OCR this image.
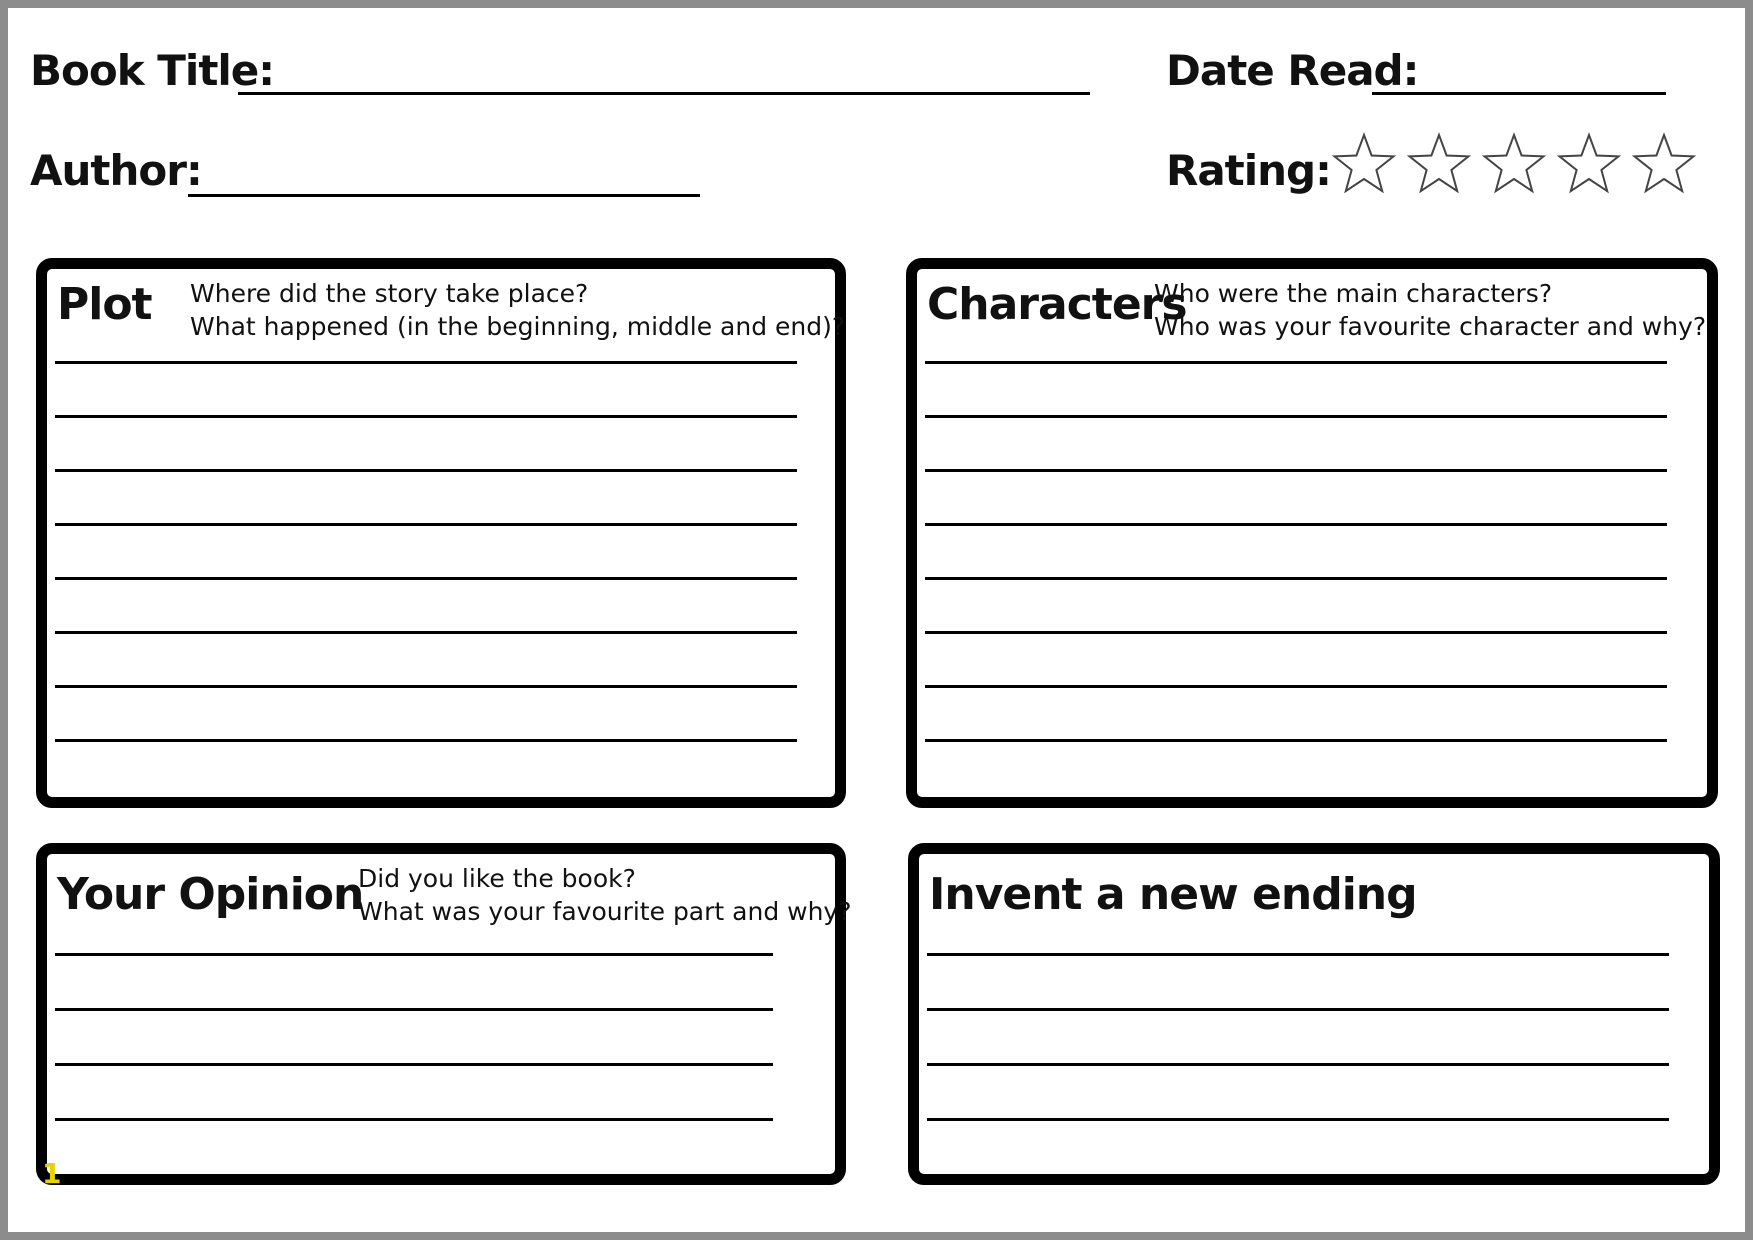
Book Title:	Date Read:
Author:	Rating:
Plot Where did the story take place?
What happened (in the beginning, middle and end)? Characters
Who were the main characters?
Who was your favourite character and why?
Your Opinion
Did you like the book?
What was your favourite part and why? Invent a new ending
1
